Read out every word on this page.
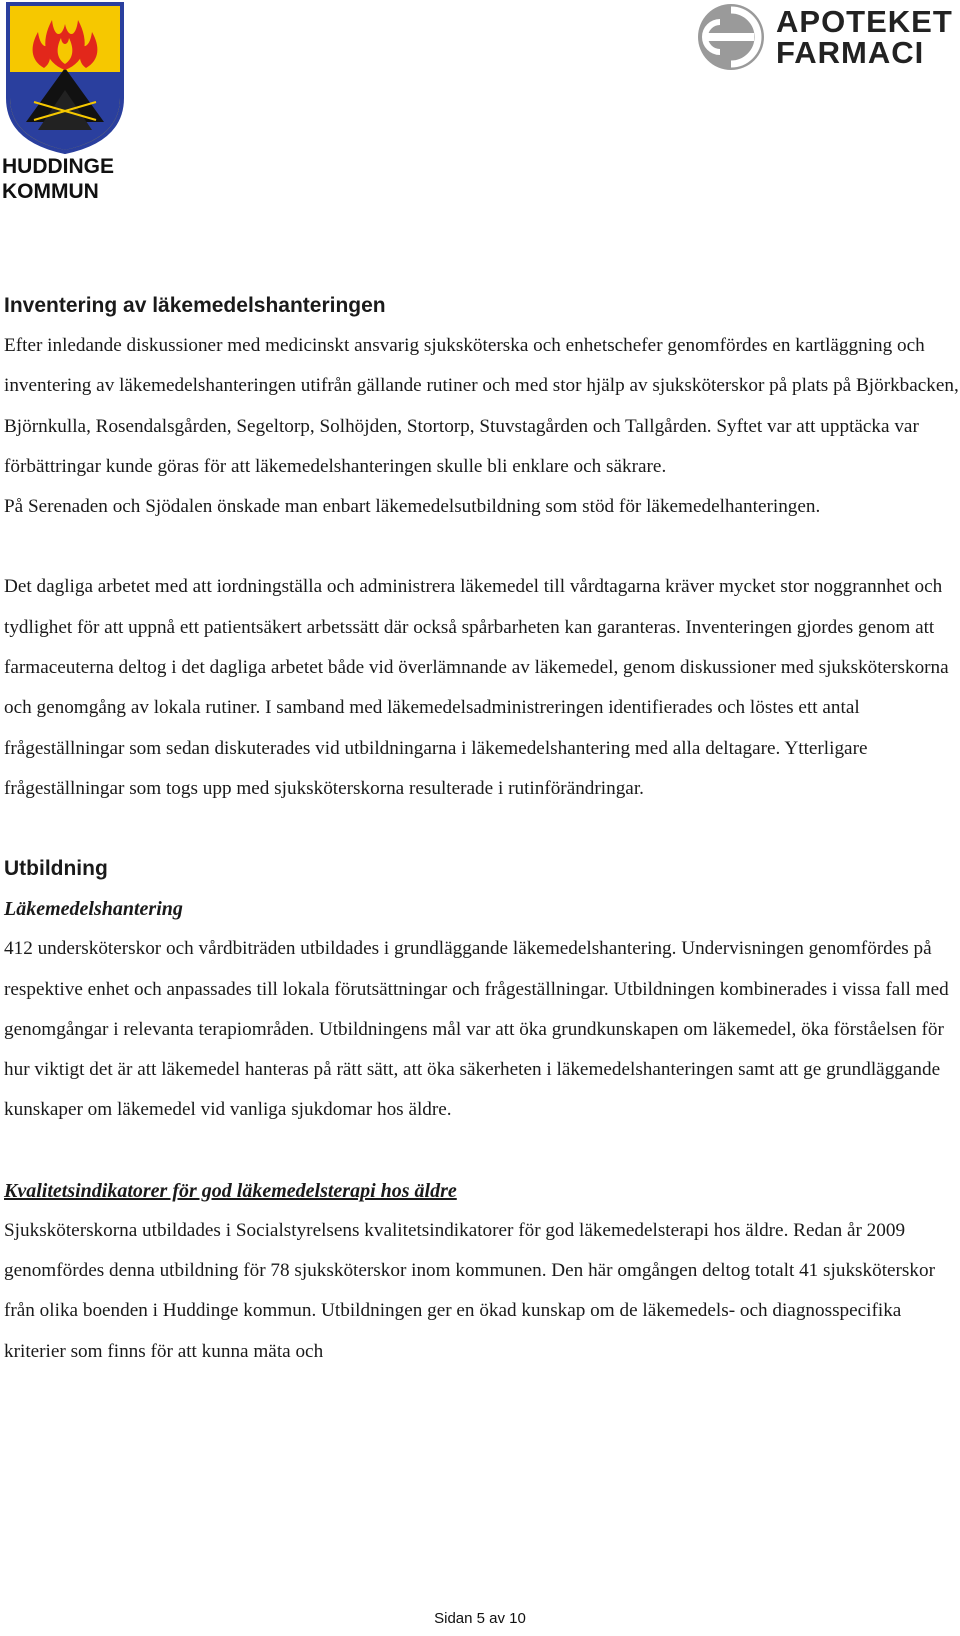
HUDDINGE
KOMMUN
APOTEKET
FARMACI
Inventering av läkemedelshanteringen

Efter inledande diskussioner med medicinskt ansvarig sjuksköterska och enhetschefer genomfördes en kartläggning och inventering av läkemedelshanteringen utifrån gällande rutiner och med stor hjälp av sjuksköterskor på plats på Björkbacken, Björnkulla, Rosendalsgården, Segeltorp, Solhöjden, Stortorp, Stuvstagården och Tallgården. Syftet var att upptäcka var förbättringar kunde göras för att läkemedelshanteringen skulle bli enklare och säkrare.

På Serenaden och Sjödalen önskade man enbart läkemedelsutbildning som stöd för läkemedelhanteringen.

Det dagliga arbetet med att iordningställa och administrera läkemedel till vårdtagarna kräver mycket stor noggrannhet och tydlighet för att uppnå ett patientsäkert arbetssätt där också spårbarheten kan garanteras. Inventeringen gjordes genom att farmaceuterna deltog i det dagliga arbetet både vid överlämnande av läkemedel, genom diskussioner med sjuksköterskorna och genomgång av lokala rutiner. I samband med läkemedelsadministreringen identifierades och löstes ett antal frågeställningar som sedan diskuterades vid utbildningarna i läkemedelshantering med alla deltagare. Ytterligare frågeställningar som togs upp med sjuksköterskorna resulterade i rutinförändringar.

Utbildning
Läkemedelshantering

412 undersköterskor och vårdbiträden utbildades i grundläggande läkemedelshantering. Undervisningen genomfördes på respektive enhet och anpassades till lokala förutsättningar och frågeställningar. Utbildningen kombinerades i vissa fall med genomgångar i relevanta terapiområden. Utbildningens mål var att öka grundkunskapen om läkemedel, öka förståelsen för hur viktigt det är att läkemedel hanteras på rätt sätt, att öka säkerheten i läkemedelshanteringen samt att ge grundläggande kunskaper om läkemedel vid vanliga sjukdomar hos äldre.

Kvalitetsindikatorer för god läkemedelsterapi hos äldre

Sjuksköterskorna utbildades i Socialstyrelsens kvalitetsindikatorer för god läkemedelsterapi hos äldre. Redan år 2009 genomfördes denna utbildning för 78 sjuksköterskor inom kommunen. Den här omgången deltog totalt 41 sjuksköterskor från olika boenden i Huddinge kommun. Utbildningen ger en ökad kunskap om de läkemedels- och diagnosspecifika kriterier som finns för att kunna mäta och

Sidan 5 av 10
